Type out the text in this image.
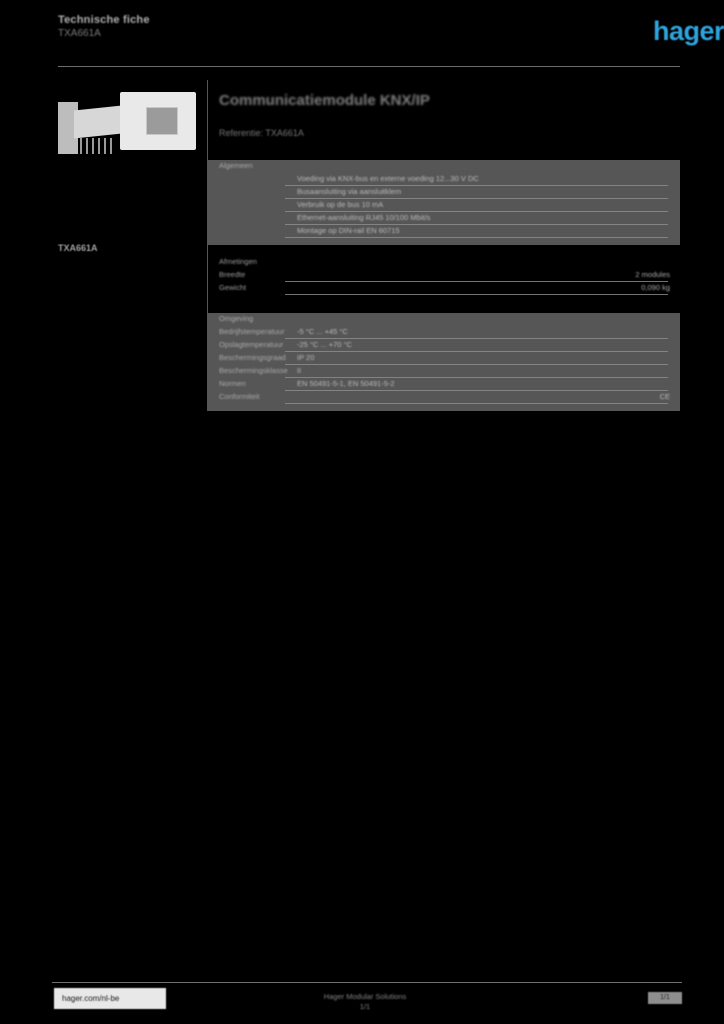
Technische fiche
TXA661A	hager
TXA661A
Communicatiemodule KNX/IP
Referentie: TXA661A
Algemeen
Voeding via KNX-bus en externe voeding 12...30 V DC
Busaansluiting via aansluitklem
Verbruik op de bus 10 mA
Ethernet-aansluiting RJ45 10/100 Mbit/s
Montage op DIN-rail EN 60715
Afmetingen
Breedte	2 modules
Gewicht	0,090 kg
Omgeving
Bedrijfstemperatuur	-5 °C ... +45 °C
Opslagtemperatuur	-25 °C ... +70 °C
Beschermingsgraad	IP 20
Beschermingsklasse	II
Normen	EN 50491-5-1, EN 50491-5-2
Conformiteit	CE
hager.com/nl-be	Hager Modular Solutions
1/1
1/1
